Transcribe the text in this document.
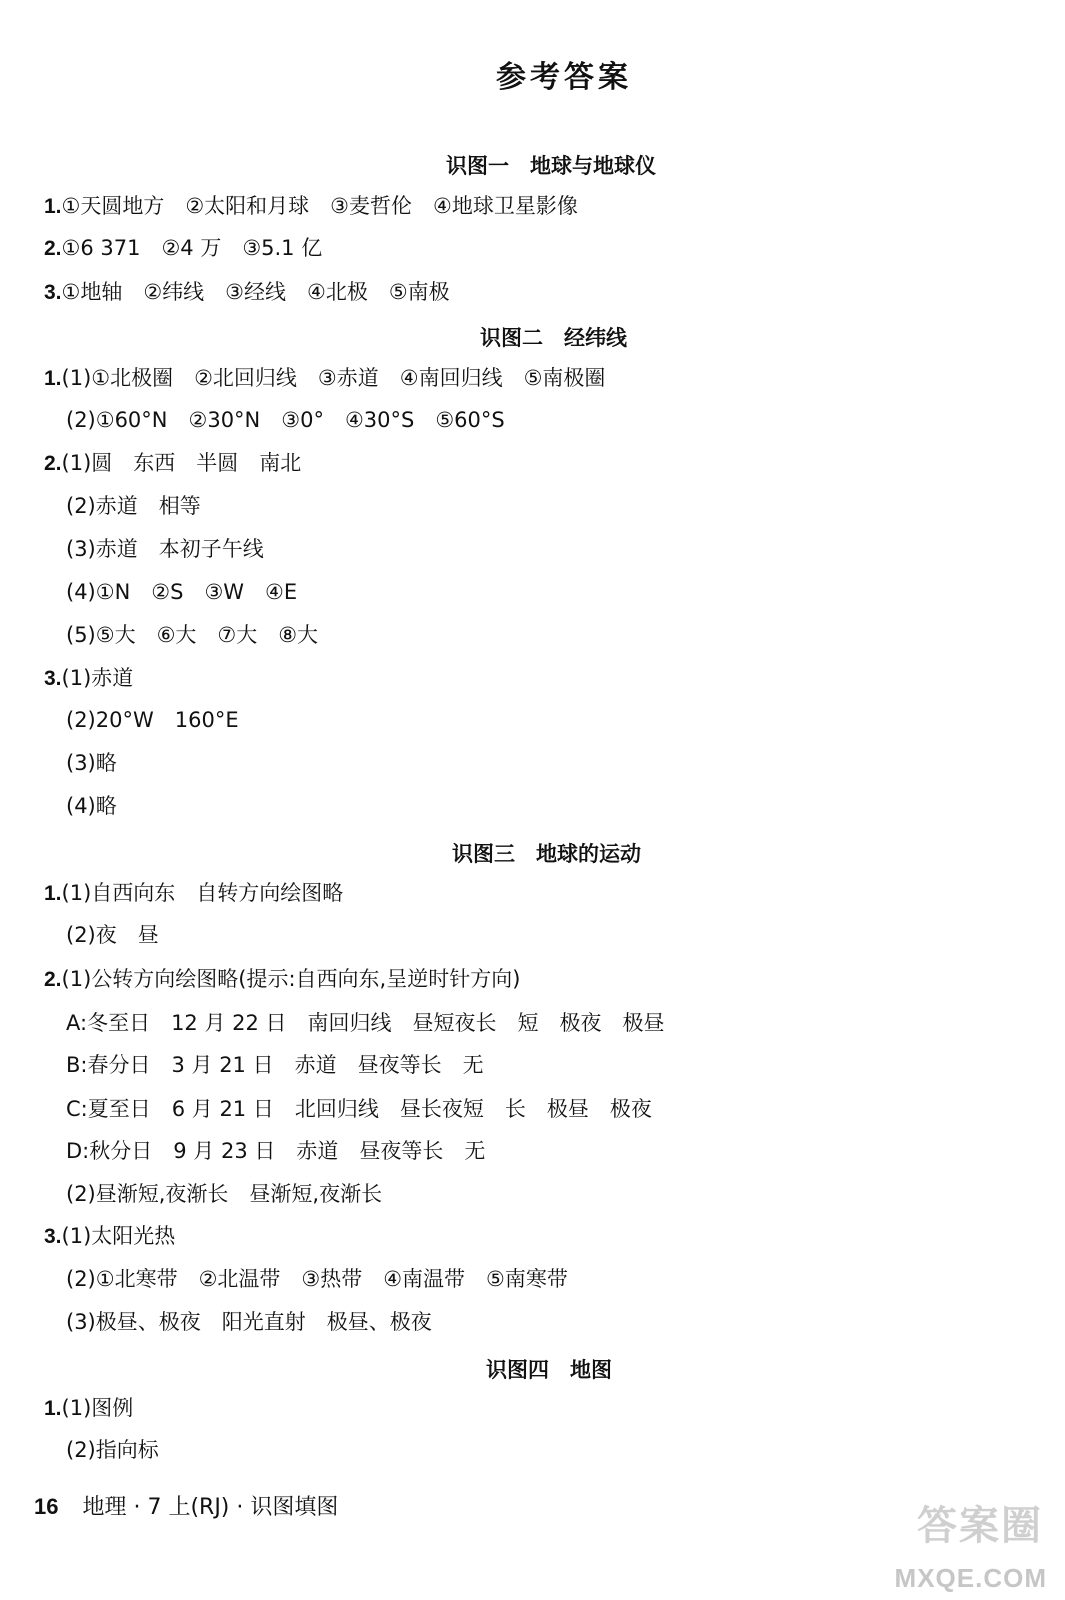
参考答案
识图一　地球与地球仪
1.①天圆地方　②太阳和月球　③麦哲伦　④地球卫星影像
2.①6 371　②4 万　③5.1 亿
3.①地轴　②纬线　③经线　④北极　⑤南极
识图二　经纬线
1.(1)①北极圈　②北回归线　③赤道　④南回归线　⑤南极圈
(2)①60°N　②30°N　③0°　④30°S　⑤60°S
2.(1)圆　东西　半圆　南北
(2)赤道　相等
(3)赤道　本初子午线
(4)①N　②S　③W　④E
(5)⑤大　⑥大　⑦大　⑧大
3.(1)赤道
(2)20°W　160°E
(3)略
(4)略
识图三　地球的运动
1.(1)自西向东　自转方向绘图略
(2)夜　昼
2.(1)公转方向绘图略(提示:自西向东,呈逆时针方向)
A:冬至日　12 月 22 日　南回归线　昼短夜长　短　极夜　极昼
B:春分日　3 月 21 日　赤道　昼夜等长　无
C:夏至日　6 月 21 日　北回归线　昼长夜短　长　极昼　极夜
D:秋分日　9 月 23 日　赤道　昼夜等长　无
(2)昼渐短,夜渐长　昼渐短,夜渐长
3.(1)太阳光热
(2)①北寒带　②北温带　③热带　④南温带　⑤南寒带
(3)极昼、极夜　阳光直射　极昼、极夜
识图四　地图
1.(1)图例
(2)指向标
16 地理 · 7 上(RJ) · 识图填图	答案圈
MXQE.COM
